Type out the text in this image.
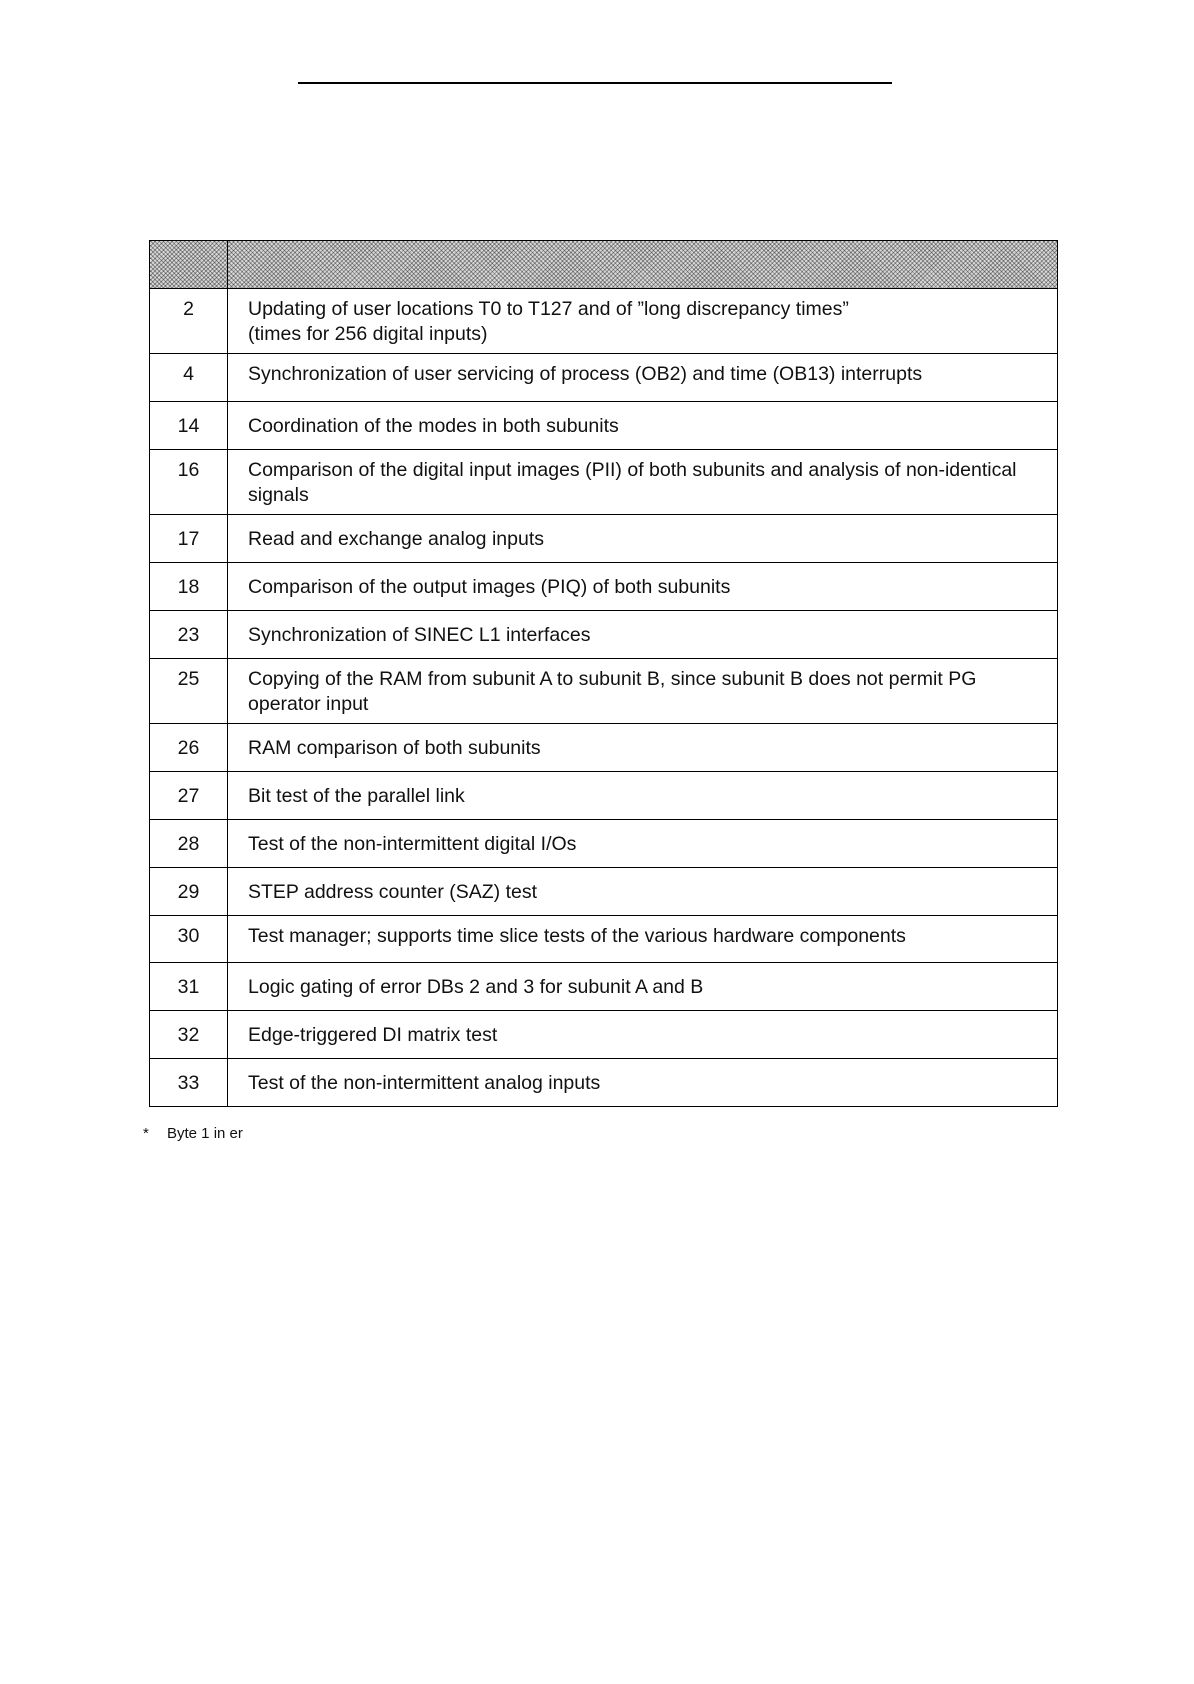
2	Updating of user locations T0 to T127 and of ”long discrepancy times”
(times for 256 digital inputs)

4	Synchronization of user servicing of process (OB2) and time (OB13) interrupts

14	Coordination of the modes in both subunits

16	Comparison of the digital input images (PII) of both subunits and analysis of non-identical signals

17	Read and exchange analog inputs

18	Comparison of the output images (PIQ) of both subunits

23	Synchronization of SINEC L1 interfaces

25	Copying of the RAM from subunit A to subunit B, since subunit B does not permit PG operator input

26	RAM comparison of both subunits

27	Bit test of the parallel link

28	Test of the non-intermittent digital I/Os

29	STEP address counter (SAZ) test

30	Test manager; supports time slice tests of the various hardware components

31	Logic gating of error DBs 2 and 3 for subunit A and B

32	Edge-triggered DI matrix test

33	Test of the non-intermittent analog inputs
* Byte 1 in er
